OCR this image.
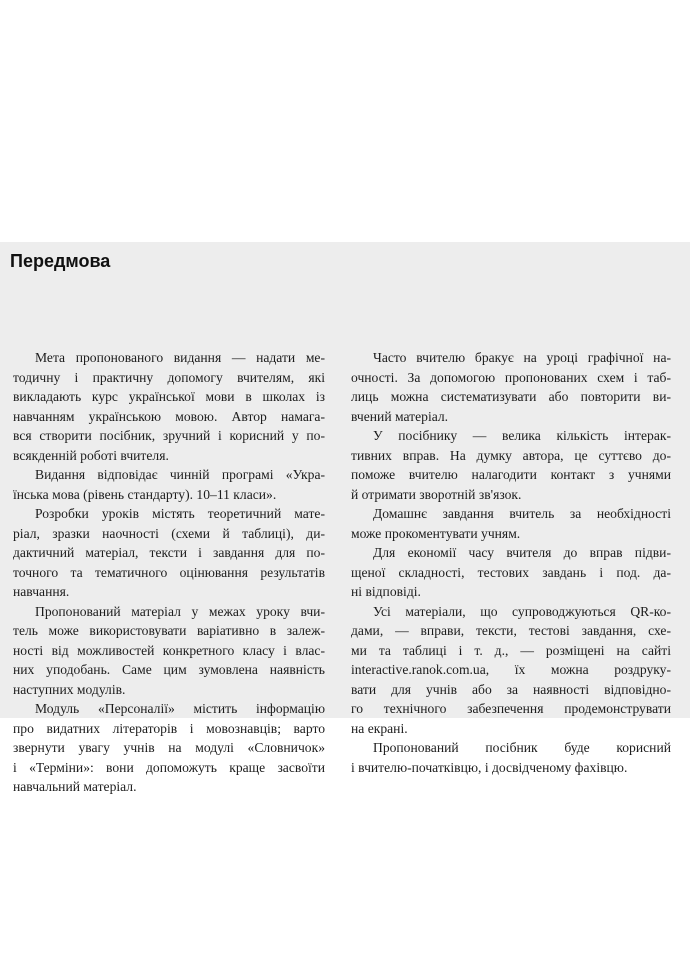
Передмова
Мета пропонованого видання — надати ме-
тодичну і практичну допомогу вчителям, які
викладають курс української мови в школах із
навчанням українською мовою. Автор намага-
вся створити посібник, зручний і корисний у по-
всякденній роботі вчителя.
Видання відповідає чинній програмі «Укра-
їнська мова (рівень стандарту). 10–11 класи».
Розробки уроків містять теоретичний мате-
ріал, зразки наочності (схеми й таблиці), ди-
дактичний матеріал, тексти і завдання для по-
точного та тематичного оцінювання результатів
навчання.
Пропонований матеріал у межах уроку вчи-
тель може використовувати варіативно в залеж-
ності від можливостей конкретного класу і влас-
них уподобань. Саме цим зумовлена наявність
наступних модулів.
Модуль «Персоналії» містить інформацію
про видатних літераторів і мовознавців; варто
звернути увагу учнів на модулі «Словничок»
і «Терміни»: вони допоможуть краще засвоїти
навчальний матеріал.
Часто вчителю бракує на уроці графічної на-
очності. За допомогою пропонованих схем і таб-
лиць можна систематизувати або повторити ви-
вчений матеріал.
У посібнику — велика кількість інтерак-
тивних вправ. На думку автора, це суттєво до-
поможе вчителю налагодити контакт з учнями
й отримати зворотній зв'язок.
Домашнє завдання вчитель за необхідності
може прокоментувати учням.
Для економії часу вчителя до вправ підви-
щеної складності, тестових завдань і под. да-
ні відповіді.
Усі матеріали, що супроводжуються QR-ко-
дами, — вправи, тексти, тестові завдання, схе-
ми та таблиці і т. д., — розміщені на сайті
interactive.ranok.com.ua, їх можна роздруку-
вати для учнів або за наявності відповідно-
го технічного забезпечення продемонструвати
на екрані.
Пропонований посібник буде корисний
і вчителю-початківцю, і досвідченому фахівцю.
